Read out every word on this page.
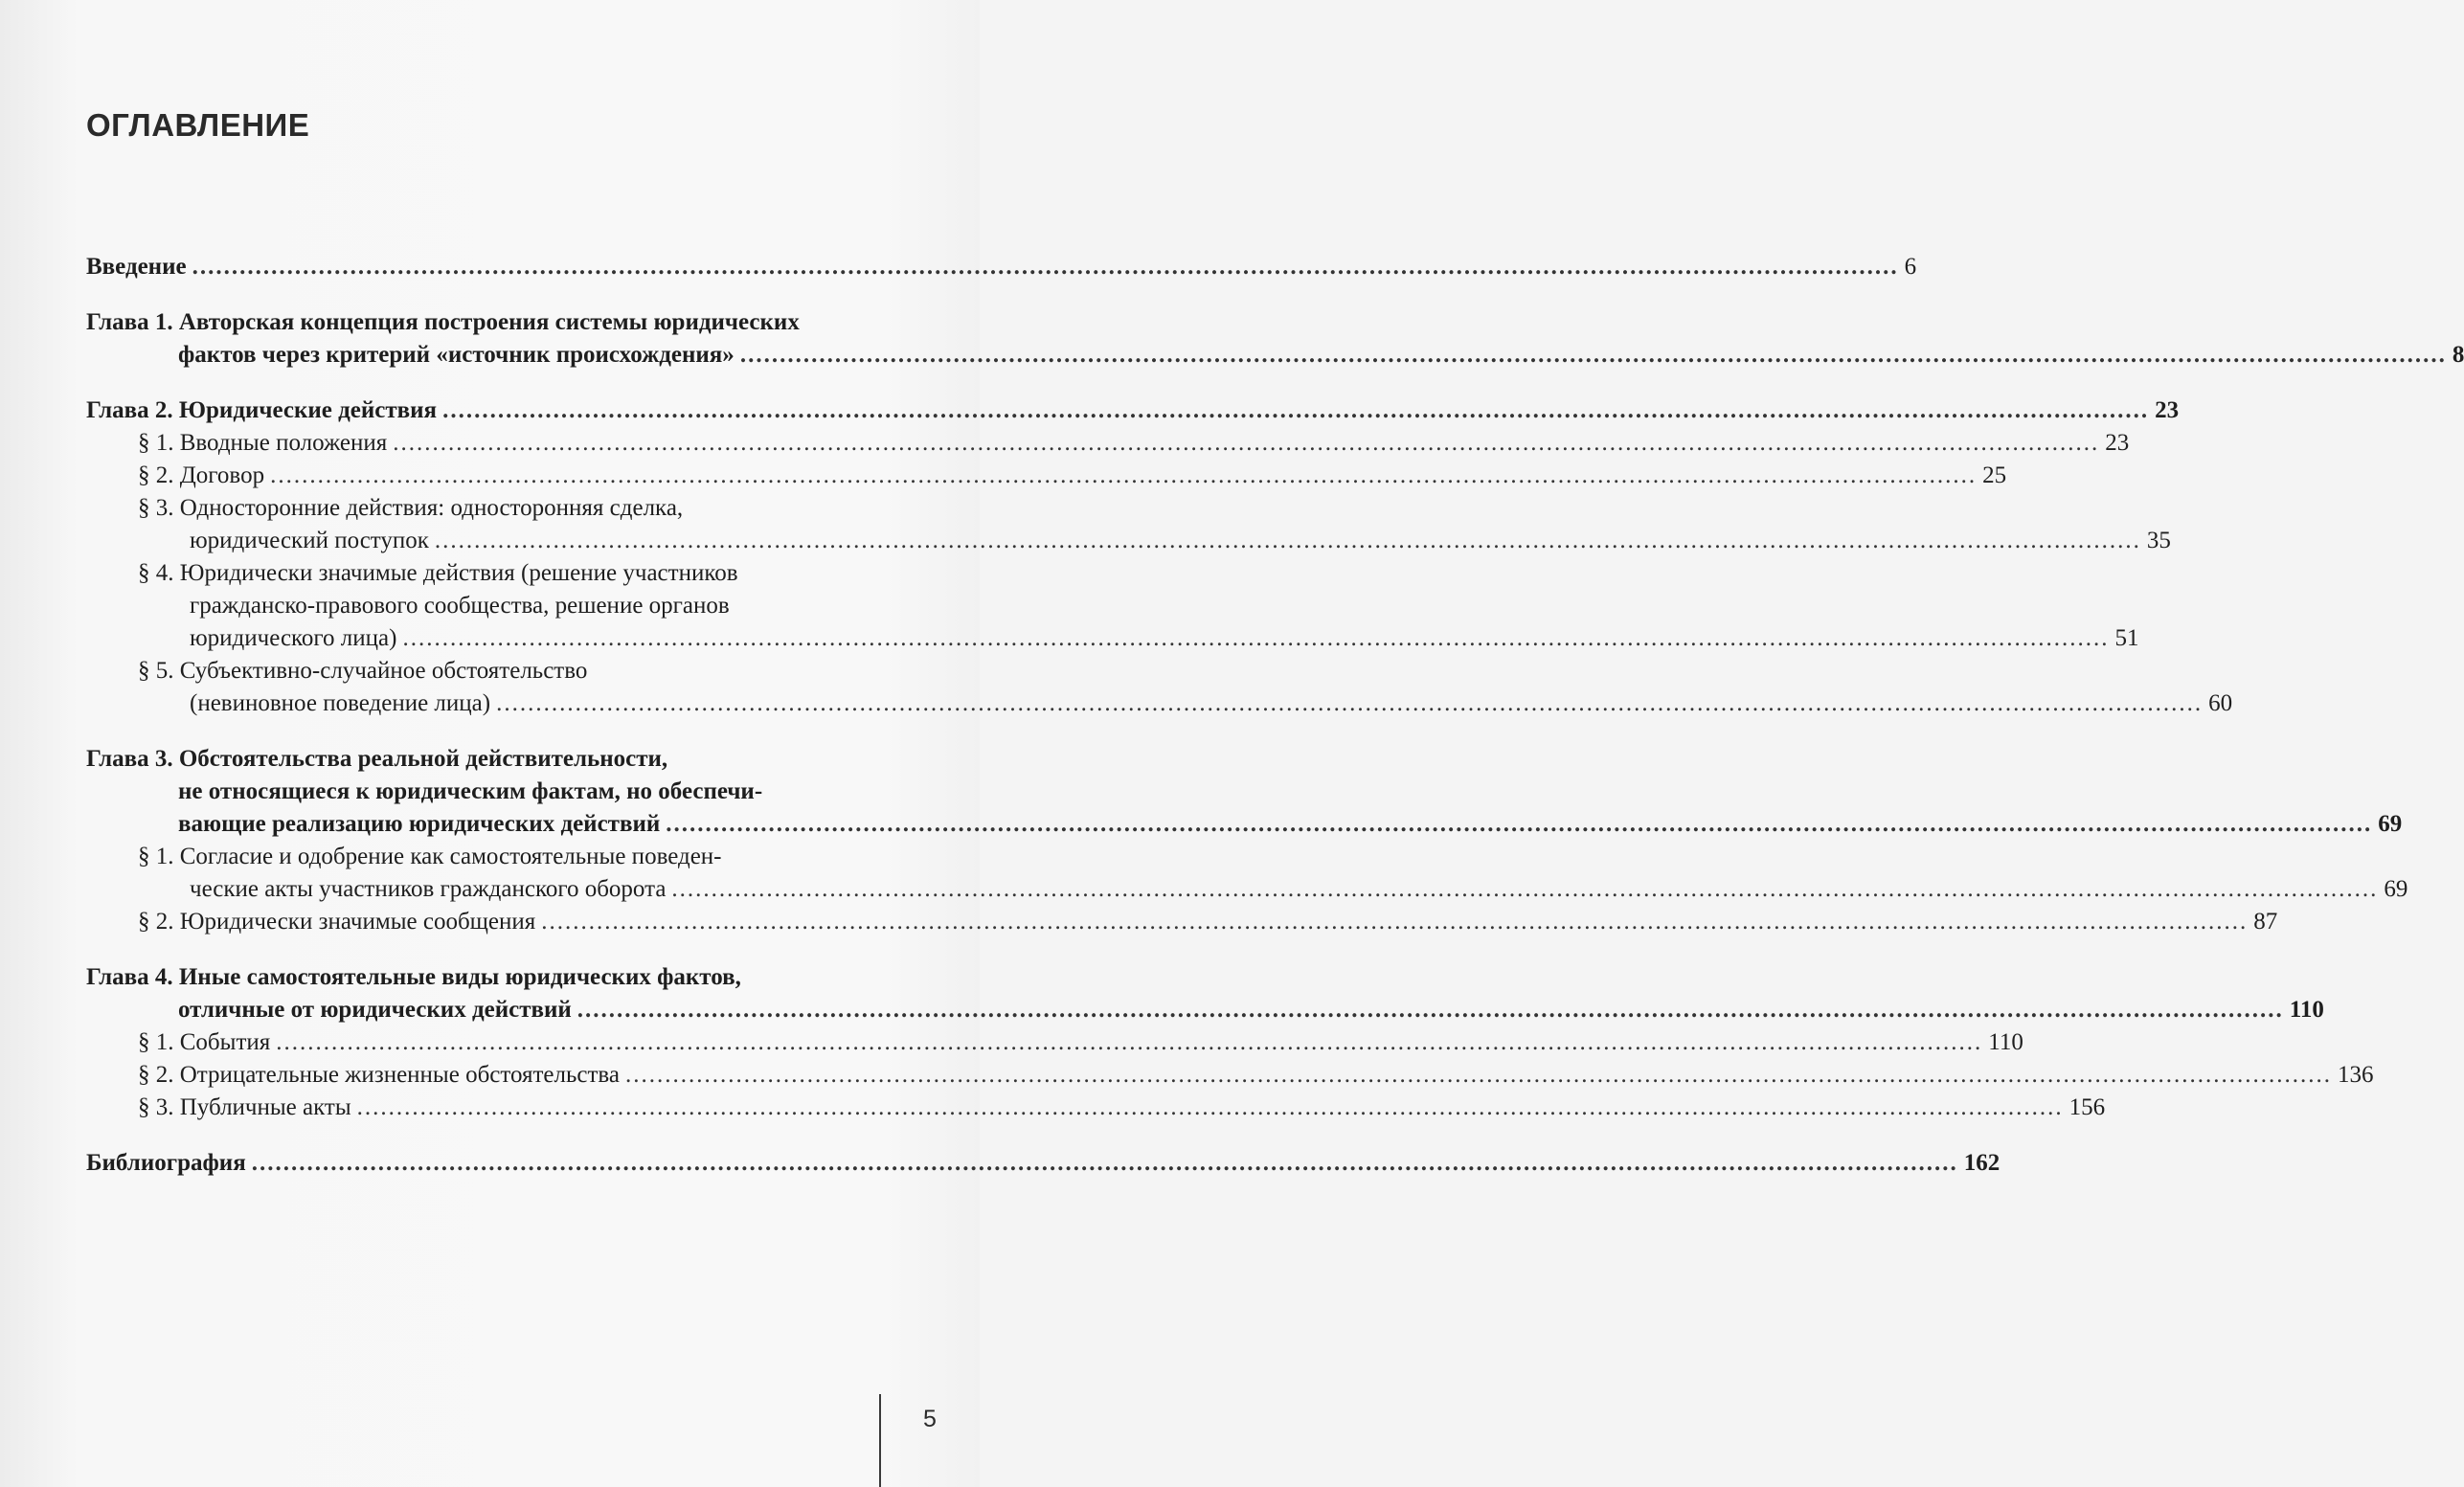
ОГЛАВЛЕНИЕ
Введение .....	6
Глава 1. Авторская концепция построения системы юридических
фактов через критерий «источник происхождения» .....	8
Глава 2. Юридические действия .....	23
§ 1. Вводные положения .....	23
§ 2. Договор .....	25
§ 3. Односторонние действия: односторонняя сделка,
юридический поступок .....	35
§ 4. Юридически значимые действия (решение участников
гражданско-правового сообщества, решение органов
юридического лица) .....	51
§ 5. Субъективно-случайное обстоятельство
(невиновное поведение лица) .....	60
Глава 3. Обстоятельства реальной действительности,
не относящиеся к юридическим фактам, но обеспечи-
вающие реализацию юридических действий .....	69
§ 1. Согласие и одобрение как самостоятельные поведен-
ческие акты участников гражданского оборота .....	69
§ 2. Юридически значимые сообщения .....	87
Глава 4. Иные самостоятельные виды юридических фактов,
отличные от юридических действий .....	110
§ 1. События .....	110
§ 2. Отрицательные жизненные обстоятельства .....	136
§ 3. Публичные акты .....	156
Библиография .....	162
5
